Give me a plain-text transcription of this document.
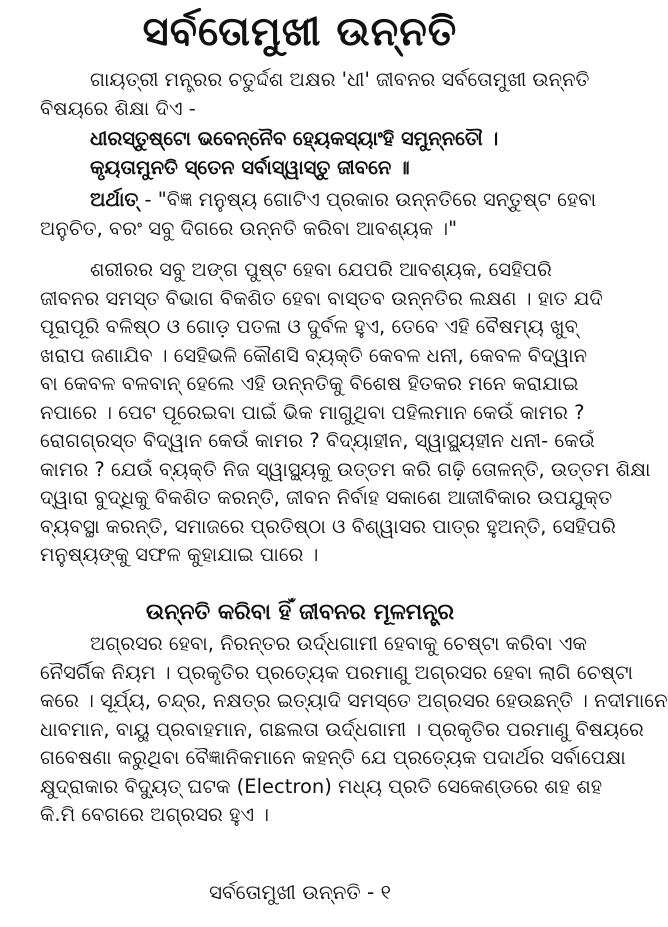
ସର୍ବତୋମୁଖୀ ଉନ୍ନତି
ଗାୟତ୍ରୀ ମନ୍ତ୍ରର ଚତୁର୍ଦ୍ଦଶ ଅକ୍ଷର 'ଧୀ' ଜୀବନର ସର୍ବତୋମୁଖୀ ଉନ୍ନତି
ବିଷୟରେ ଶିକ୍ଷା ଦିଏ -
ଧୀରସ୍ତୁଷ୍ଟୋ ଭବେନ୍ନୈବ ହ୍ୟେକସ୍ୟାଂହି ସମୁନ୍ନତୌ ।
କୃୟତାମୁନତି ସ୍ତେନ ସର୍ବାସ୍ୱାସ୍ତୁ ଜୀବନେ ॥
ଅର୍ଥାତ୍ - "ବିଜ୍ଞ ମନୁଷ୍ୟ ଗୋଟିଏ ପ୍ରକାର ଉନ୍ନତିରେ ସନ୍ତୁଷ୍ଟ ହେବା
ଅନୁଚିତ, ବରଂ ସବୁ ଦିଗରେ ଉନ୍ନତି କରିବା ଆବଶ୍ୟକ ।"
ଶରୀରର ସବୁ ଅଙ୍ଗ ପୁଷ୍ଟ ହେବା ଯେପରି ଆବଶ୍ୟକ, ସେହିପରି
ଜୀବନର ସମସ୍ତ ବିଭାଗ ବିକଶିତ ହେବା ବାସ୍ତବ ଉନ୍ନତିର ଲକ୍ଷଣ । ହାତ ଯଦି
ପୂରାପୂରି ବଳିଷ୍ଠ ଓ ଗୋଡ଼ ପତଳା ଓ ଦୁର୍ବଳ ହୁଏ, ତେବେ ଏହି ବୈଷମ୍ୟ ଖୁବ୍
ଖରାପ ଜଣାଯିବ । ସେହିଭଳି କୌଣସି ବ୍ୟକ୍ତି କେବଳ ଧନୀ, କେବଳ ବିଦ୍ୱାନ
ବା କେବଳ ବଳବାନ୍ ହେଲେ ଏହି ଉନ୍ନତିକୁ ବିଶେଷ ହିତକର ମନେ କରାଯାଇ
ନପାରେ । ପେଟ ପୂରେଇବା ପାଇଁ ଭିକ ମାଗୁଥିବା ପହିଲମାନ କେଉଁ କାମର ?
ରୋଗଗ୍ରସ୍ତ ବିଦ୍ୱାନ କେଉଁ କାମର ? ବିଦ୍ୟାହୀନ, ସ୍ୱାସ୍ଥ୍ୟହୀନ ଧନୀ- କେଉଁ
କାମର ? ଯେଉଁ ବ୍ୟକ୍ତି ନିଜ ସ୍ୱାସ୍ଥ୍ୟକୁ ଉତ୍ତମ କରି ଗଢ଼ି ତୋଳନ୍ତି, ଉତ୍ତମ ଶିକ୍ଷା
ଦ୍ୱାରା ବୁଦ୍ଧିକୁ ବିକଶିତ କରନ୍ତି, ଜୀବନ ନିର୍ବାହ ସକାଶେ ଆଜୀବିକାର ଉପଯୁକ୍ତ
ବ୍ୟବସ୍ଥା କରନ୍ତି, ସମାଜରେ ପ୍ରତିଷ୍ଠା ଓ ବିଶ୍ୱାସର ପାତ୍ର ହୁଅନ୍ତି, ସେହିପରି
ମନୁଷ୍ୟଙ୍କୁ ସଫଳ କୁହାଯାଇ ପାରେ ।
ଉନ୍ନତି କରିବା ହିଁ ଜୀବନର ମୂଳମନ୍ତ୍ର
ଅଗ୍ରସର ହେବା, ନିରନ୍ତର ଉର୍ଦ୍ଧଗାମୀ ହେବାକୁ ଚେଷ୍ଟା କରିବା ଏକ
ନୈସର୍ଗିକ ନିୟମ । ପ୍ରକୃତିର ପ୍ରତ୍ୟେକ ପରମାଣୁ ଅଗ୍ରସର ହେବା ଲାଗି ଚେଷ୍ଟା
କରେ । ସୂର୍ଯ୍ୟ, ଚନ୍ଦ୍ର, ନକ୍ଷତ୍ର ଇତ୍ୟାଦି ସମସ୍ତେ ଅଗ୍ରସର ହେଉଛନ୍ତି । ନଦୀମାନେ
ଧାବମାନ, ବାୟୁ ପ୍ରବାହମାନ, ଗଛଲତା ଉର୍ଦ୍ଧଗାମୀ । ପ୍ରକୃତିର ପରମାଣୁ ବିଷୟରେ
ଗବେଷଣା କରୁଥିବା ବୈଜ୍ଞାନିକମାନେ କହନ୍ତି ଯେ ପ୍ରତ୍ୟେକ ପଦାର୍ଥର ସର୍ବାପେକ୍ଷା
କ୍ଷୁଦ୍ରାକାର ବିଦ୍ୟୁତ୍ ଘଟକ (Electron) ମଧ୍ୟ ପ୍ରତି ସେକେଣ୍ଡରେ ଶହ ଶହ
କି.ମି ବେଗରେ ଅଗ୍ରସର ହୁଏ ।
ସର୍ବତୋମୁଖୀ ଉନ୍ନତି - ୧
